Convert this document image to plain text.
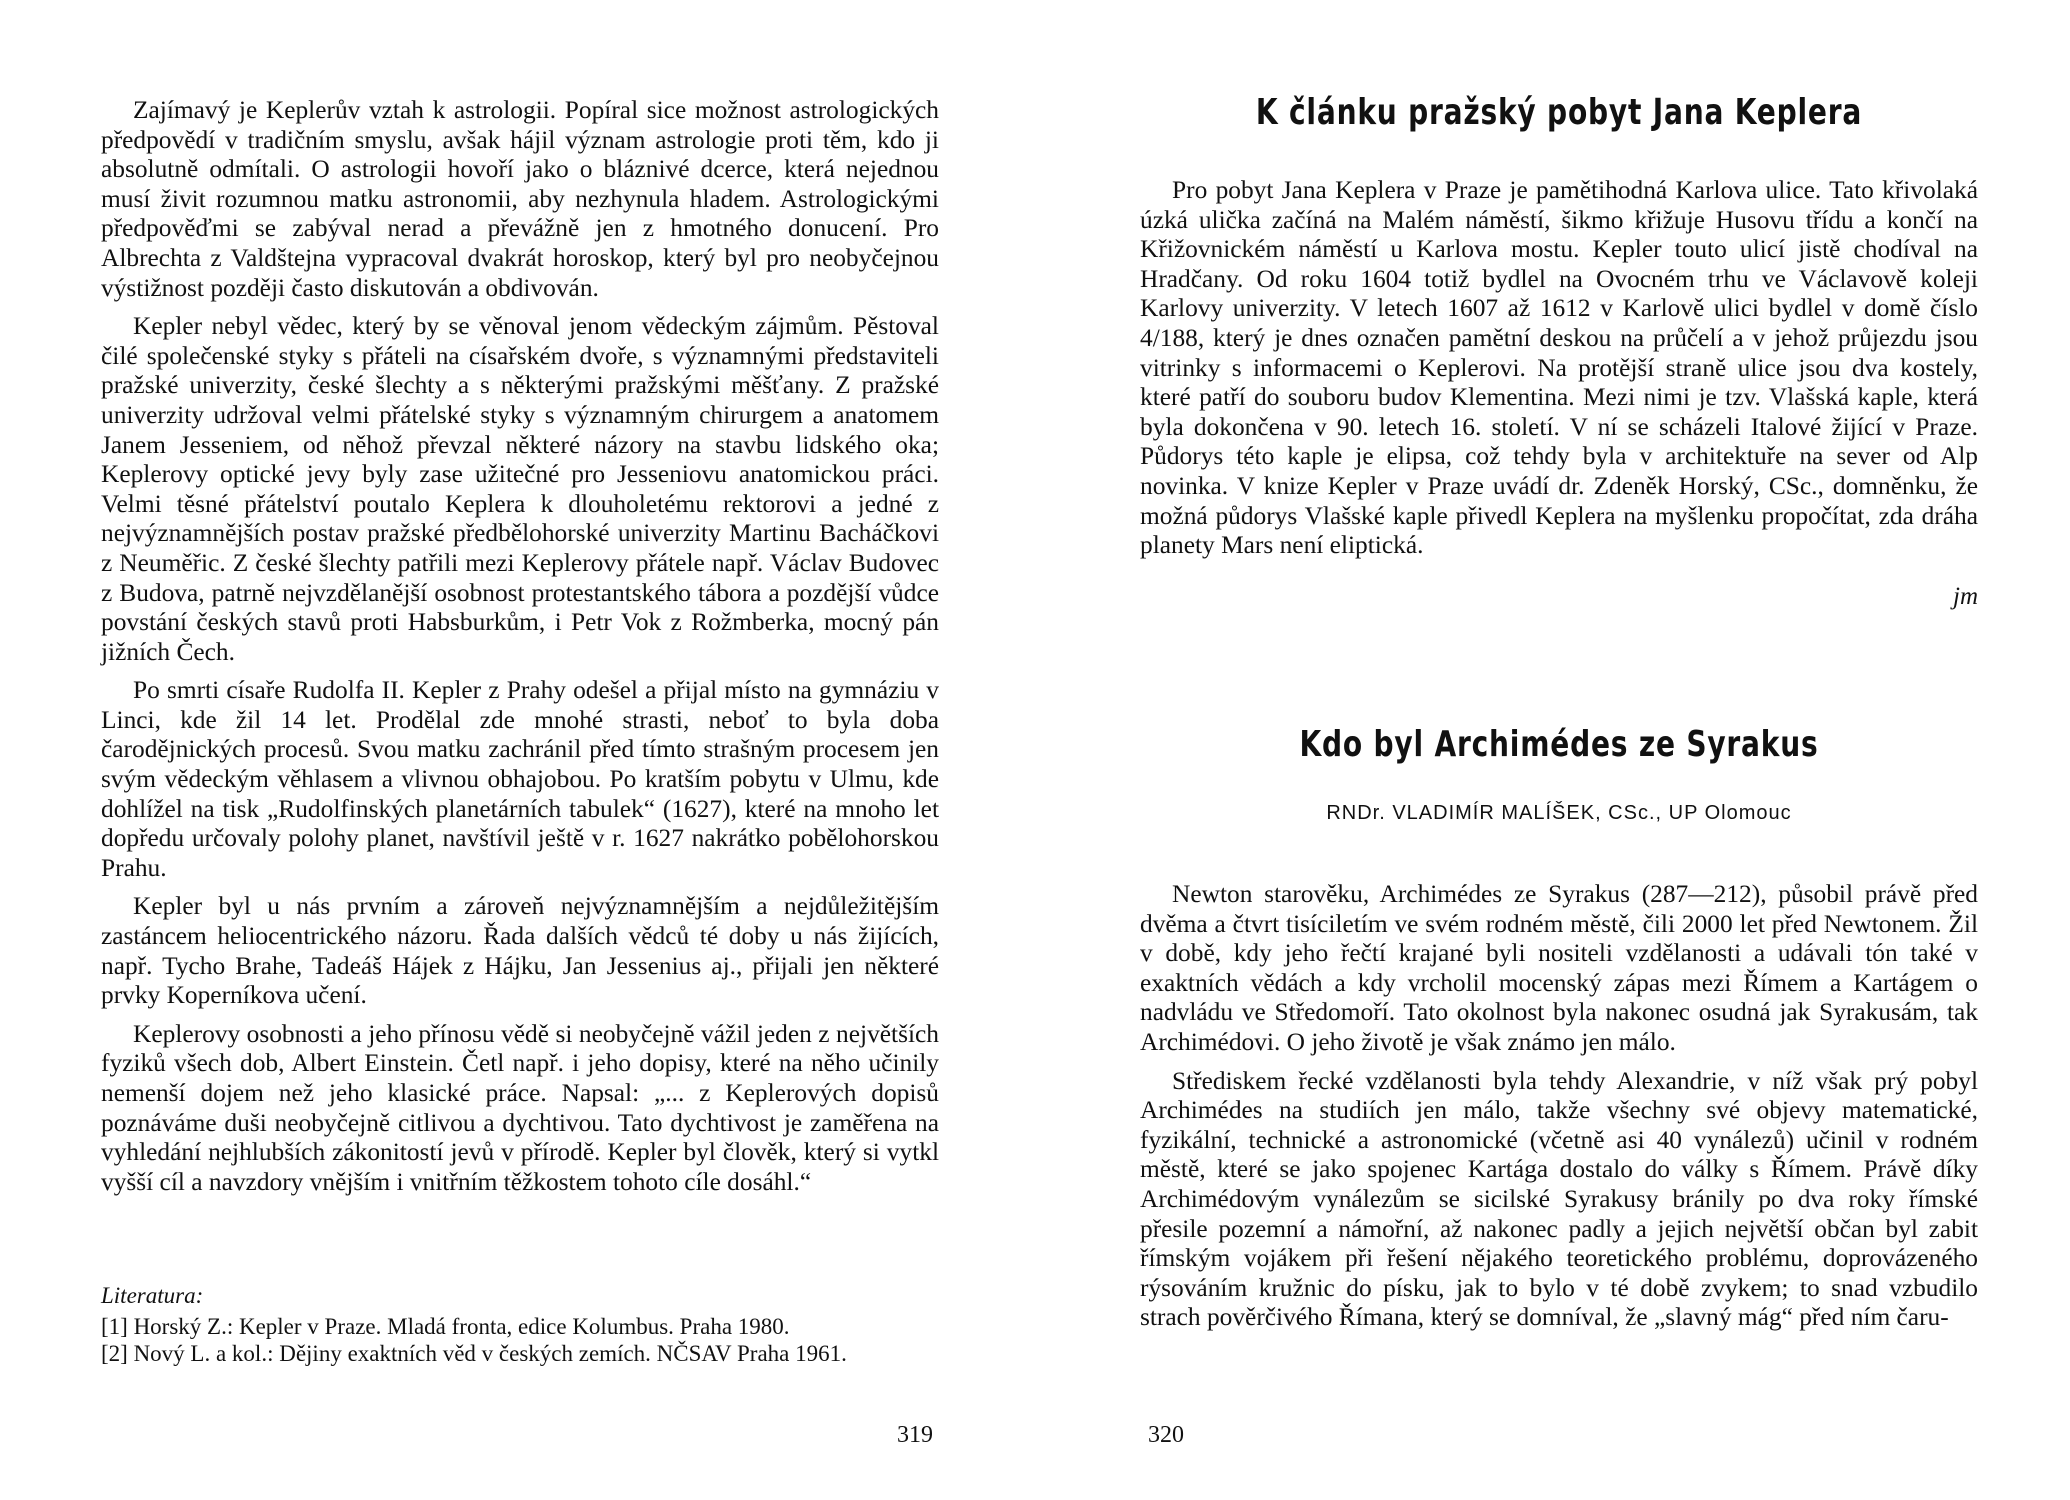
Zajímavý je Keplerův vztah k astrologii. Popíral sice možnost astrologických předpovědí v tradičním smyslu, avšak hájil význam astrologie proti těm, kdo ji absolutně odmítali. O astrologii hovoří jako o bláznivé dcerce, která nejednou musí živit rozumnou matku astronomii, aby nezhynula hladem. Astrologickými předpověďmi se zabýval nerad a převážně jen z hmotného donucení. Pro Albrechta z Valdštejna vypracoval dvakrát horoskop, který byl pro neobyčejnou výstižnost později často diskutován a obdivován.

Kepler nebyl vědec, který by se věnoval jenom vědeckým zájmům. Pěstoval čilé společenské styky s přáteli na císařském dvoře, s významnými představiteli pražské univerzity, české šlechty a s některými pražskými měšťany. Z pražské univerzity udržoval velmi přátelské styky s významným chirurgem a anatomem Janem Jesseniem, od něhož převzal některé názory na stavbu lidského oka; Keplerovy optické jevy byly zase užitečné pro Jesseniovu anatomickou práci. Velmi těsné přátelství poutalo Keplera k dlouholetému rektorovi a jedné z nejvýznamnějších postav pražské předbělohorské univerzity Martinu Bacháčkovi z Neuměřic. Z české šlechty patřili mezi Keplerovy přátele např. Václav Budovec z Budova, patrně nejvzdělanější osobnost protestantského tábora a pozdější vůdce povstání českých stavů proti Habsburkům, i Petr Vok z Rožmberka, mocný pán jižních Čech.

Po smrti císaře Rudolfa II. Kepler z Prahy odešel a přijal místo na gymnáziu v Linci, kde žil 14 let. Prodělal zde mnohé strasti, neboť to byla doba čarodějnických procesů. Svou matku zachránil před tímto strašným procesem jen svým vědeckým věhlasem a vlivnou obhajobou. Po kratším pobytu v Ulmu, kde dohlížel na tisk „Rudolfinských planetárních tabulek“ (1627), které na mnoho let dopředu určovaly polohy planet, navštívil ještě v r. 1627 nakrátko pobělohorskou Prahu.

Kepler byl u nás prvním a zároveň nejvýznamnějším a nejdůležitějším zastáncem heliocentrického názoru. Řada dalších vědců té doby u nás žijících, např. Tycho Brahe, Tadeáš Hájek z Hájku, Jan Jessenius aj., přijali jen některé prvky Koperníkova učení.

Keplerovy osobnosti a jeho přínosu vědě si neobyčejně vážil jeden z největších fyziků všech dob, Albert Einstein. Četl např. i jeho dopisy, které na něho učinily nemenší dojem než jeho klasické práce. Napsal: „... z Keplerových dopisů poznáváme duši neobyčejně citlivou a dychtivou. Tato dychtivost je zaměřena na vyhledání nejhlubších zákonitostí jevů v přírodě. Kepler byl člověk, který si vytkl vyšší cíl a navzdory vnějším i vnitřním těžkostem tohoto cíle dosáhl.“

Literatura:
[1] Horský Z.: Kepler v Praze. Mladá fronta, edice Kolumbus. Praha 1980.
[2] Nový L. a kol.: Dějiny exaktních věd v českých zemích. NČSAV Praha 1961.
319
K článku pražský pobyt Jana Keplera

Pro pobyt Jana Keplera v Praze je pamětihodná Karlova ulice. Tato křivolaká úzká ulička začíná na Malém náměstí, šikmo křižuje Husovu třídu a končí na Křižovnickém náměstí u Karlova mostu. Kepler touto ulicí jistě chodíval na Hradčany. Od roku 1604 totiž bydlel na Ovocném trhu ve Václavově koleji Karlovy univerzity. V letech 1607 až 1612 v Karlově ulici bydlel v domě číslo 4/188, který je dnes označen pamětní deskou na průčelí a v jehož průjezdu jsou vitrinky s informacemi o Keplerovi. Na protější straně ulice jsou dva kostely, které patří do souboru budov Klementina. Mezi nimi je tzv. Vlašská kaple, která byla dokončena v 90. letech 16. století. V ní se scházeli Italové žijící v Praze. Půdorys této kaple je elipsa, což tehdy byla v architektuře na sever od Alp novinka. V knize Kepler v Praze uvádí dr. Zdeněk Horský, CSc., domněnku, že možná půdorys Vlašské kaple přivedl Keplera na myšlenku propočítat, zda dráha planety Mars není eliptická.

jm
Kdo byl Archimédes ze Syrakus
RNDr. VLADIMÍR MALÍŠEK, CSc., UP Olomouc

Newton starověku, Archimédes ze Syrakus (287—212), působil právě před dvěma a čtvrt tisíciletím ve svém rodném městě, čili 2000 let před Newtonem. Žil v době, kdy jeho řečtí krajané byli nositeli vzdělanosti a udávali tón také v exaktních vědách a kdy vrcholil mocenský zápas mezi Římem a Kartágem o nadvládu ve Středomoří. Tato okolnost byla nakonec osudná jak Syrakusám, tak Archimédovi. O jeho životě je však známo jen málo.

Střediskem řecké vzdělanosti byla tehdy Alexandrie, v níž však prý pobyl Archimédes na studiích jen málo, takže všechny své objevy matematické, fyzikální, technické a astronomické (včetně asi 40 vynálezů) učinil v rodném městě, které se jako spojenec Kartága dostalo do války s Římem. Právě díky Archimédovým vynálezům se sicilské Syrakusy bránily po dva roky římské přesile pozemní a námořní, až nakonec padly a jejich největší občan byl zabit římským vojákem při řešení nějakého teoretického problému, doprovázeného rýsováním kružnic do písku, jak to bylo v té době zvykem; to snad vzbudilo strach pověrčivého Římana, který se domníval, že „slavný mág“ před ním čaru-

320
